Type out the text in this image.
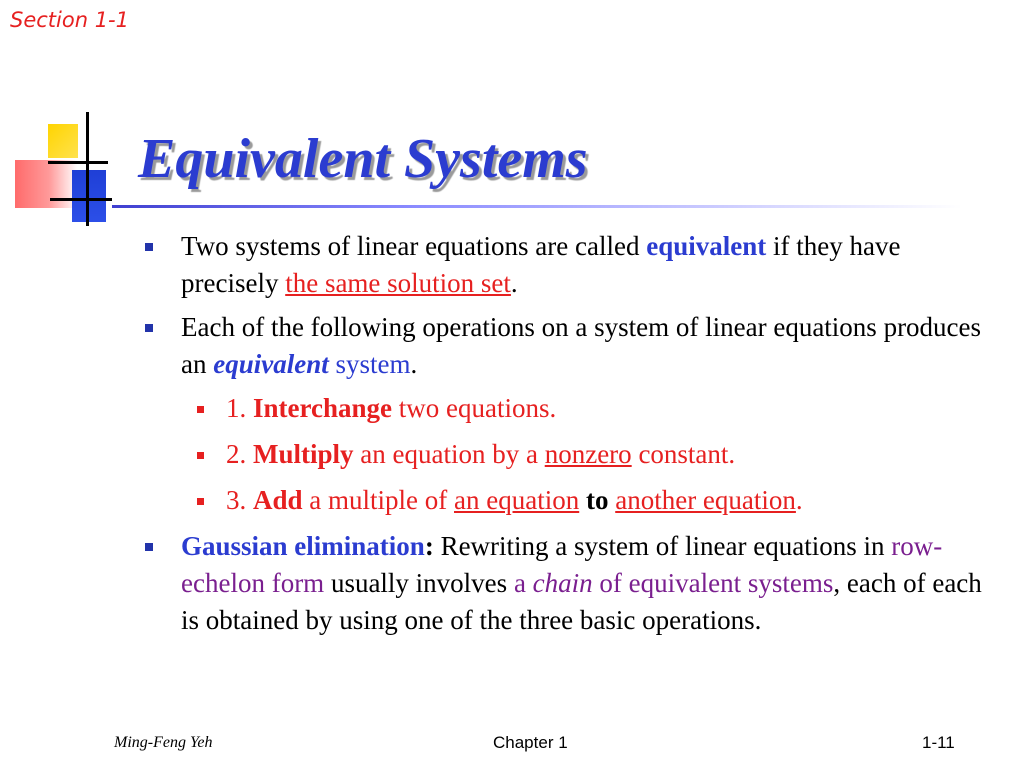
Section 1-1
Equivalent Systems
Two systems of linear equations are called equivalent if they have precisely the same solution set.
Each of the following operations on a system of linear equations produces an equivalent system.
1. Interchange two equations.
2. Multiply an equation by a nonzero constant.
3. Add a multiple of an equation to another equation.
Gaussian elimination: Rewriting a system of linear equations in row-echelon form usually involves a chain of equivalent systems, each of each is obtained by using one of the three basic operations.
Ming-Feng Yeh	Chapter 1	1-11
